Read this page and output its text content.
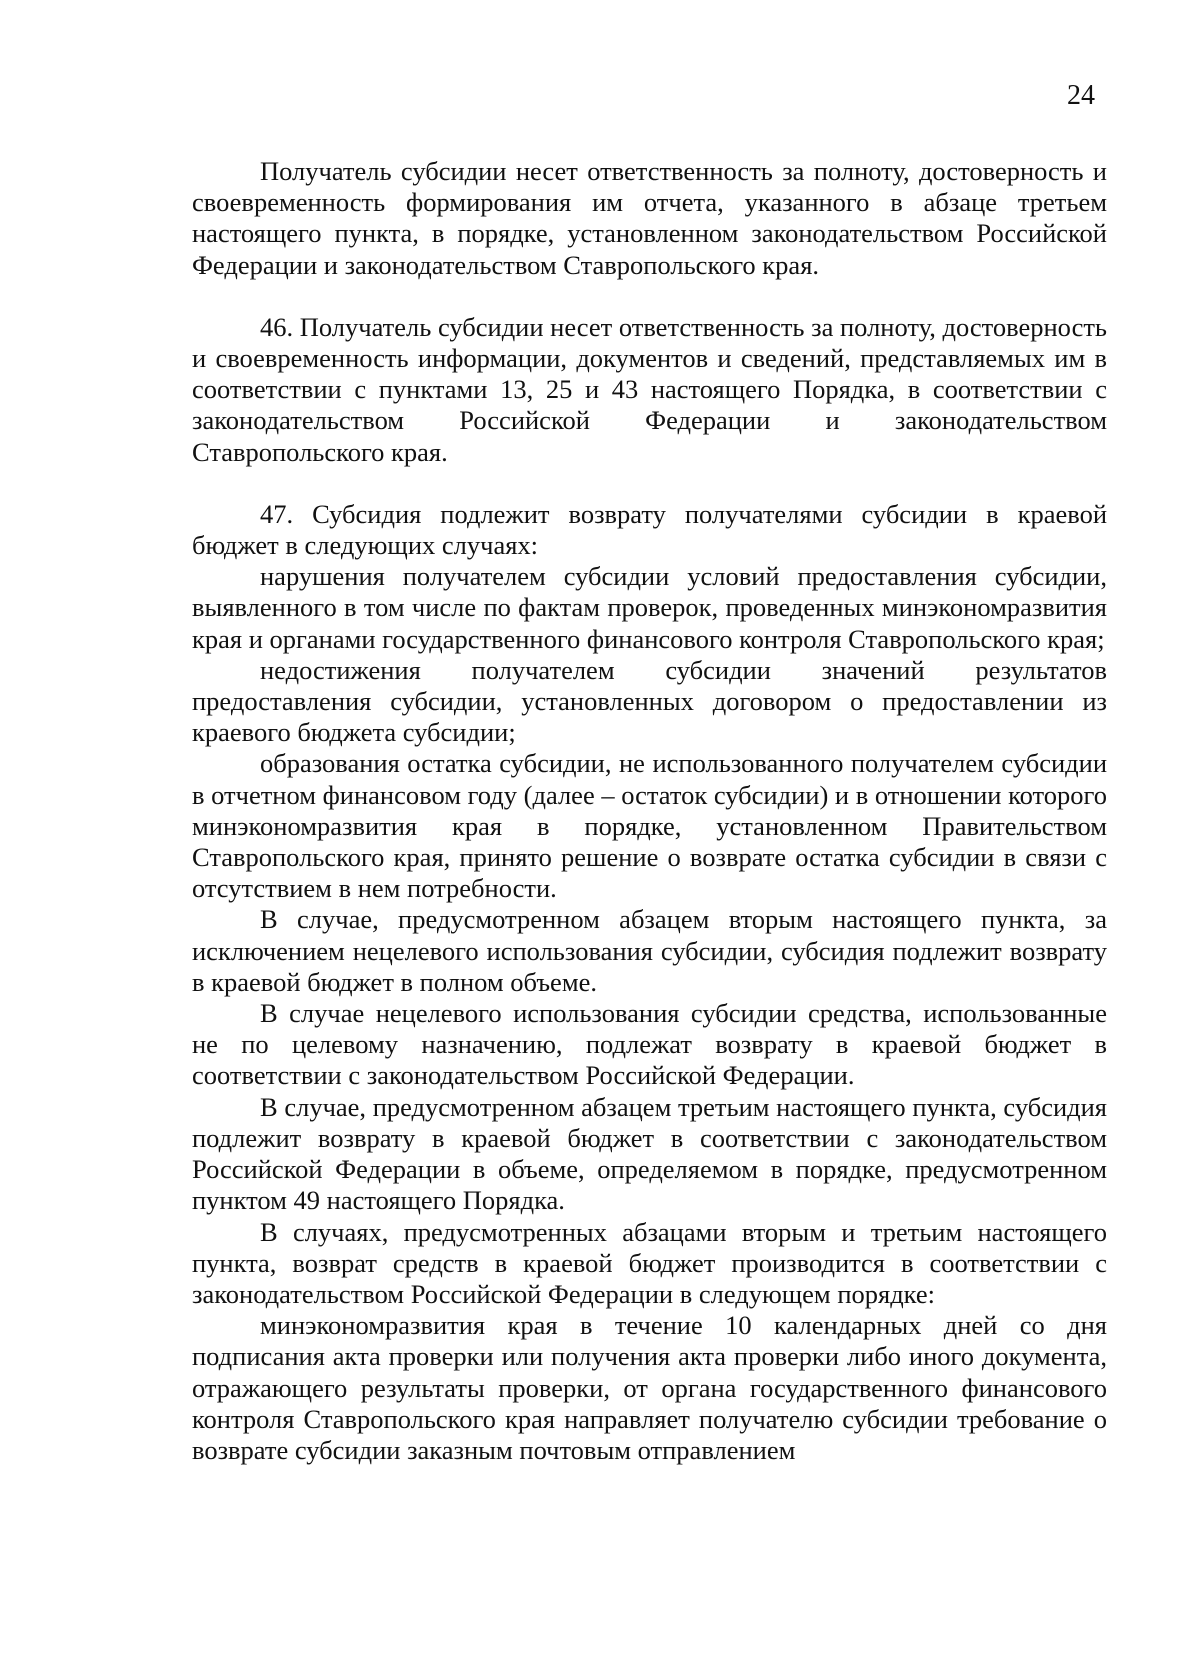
24

Получатель субсидии несет ответственность за полноту, достоверность и своевременность формирования им отчета, указанного в абзаце третьем настоящего пункта, в порядке, установленном законодательством Российской Федерации и законодательством Ставропольского края.

46. Получатель субсидии несет ответственность за полноту, достоверность и своевременность информации, документов и сведений, представляемых им в соответствии с пунктами 13, 25 и 43 настоящего Порядка, в соответствии с законодательством Российской Федерации и законодательством Ставропольского края.

47. Субсидия подлежит возврату получателями субсидии в краевой бюджет в следующих случаях:

нарушения получателем субсидии условий предоставления субсидии, выявленного в том числе по фактам проверок, проведенных минэкономразвития края и органами государственного финансового контроля Ставропольского края;

недостижения получателем субсидии значений результатов предоставления субсидии, установленных договором о предоставлении из краевого бюджета субсидии;

образования остатка субсидии, не использованного получателем субсидии в отчетном финансовом году (далее – остаток субсидии) и в отношении которого минэкономразвития края в порядке, установленном Правительством Ставропольского края, принято решение о возврате остатка субсидии в связи с отсутствием в нем потребности.

В случае, предусмотренном абзацем вторым настоящего пункта, за исключением нецелевого использования субсидии, субсидия подлежит возврату в краевой бюджет в полном объеме.

В случае нецелевого использования субсидии средства, использованные не по целевому назначению, подлежат возврату в краевой бюджет в соответствии с законодательством Российской Федерации.

В случае, предусмотренном абзацем третьим настоящего пункта, субсидия подлежит возврату в краевой бюджет в соответствии с законодательством Российской Федерации в объеме, определяемом в порядке, предусмотренном пунктом 49 настоящего Порядка.

В случаях, предусмотренных абзацами вторым и третьим настоящего пункта, возврат средств в краевой бюджет производится в соответствии с законодательством Российской Федерации в следующем порядке:

минэкономразвития края в течение 10 календарных дней со дня подписания акта проверки или получения акта проверки либо иного документа, отражающего результаты проверки, от органа государственного финансового контроля Ставропольского края направляет получателю субсидии требование о возврате субсидии заказным почтовым отправлением
